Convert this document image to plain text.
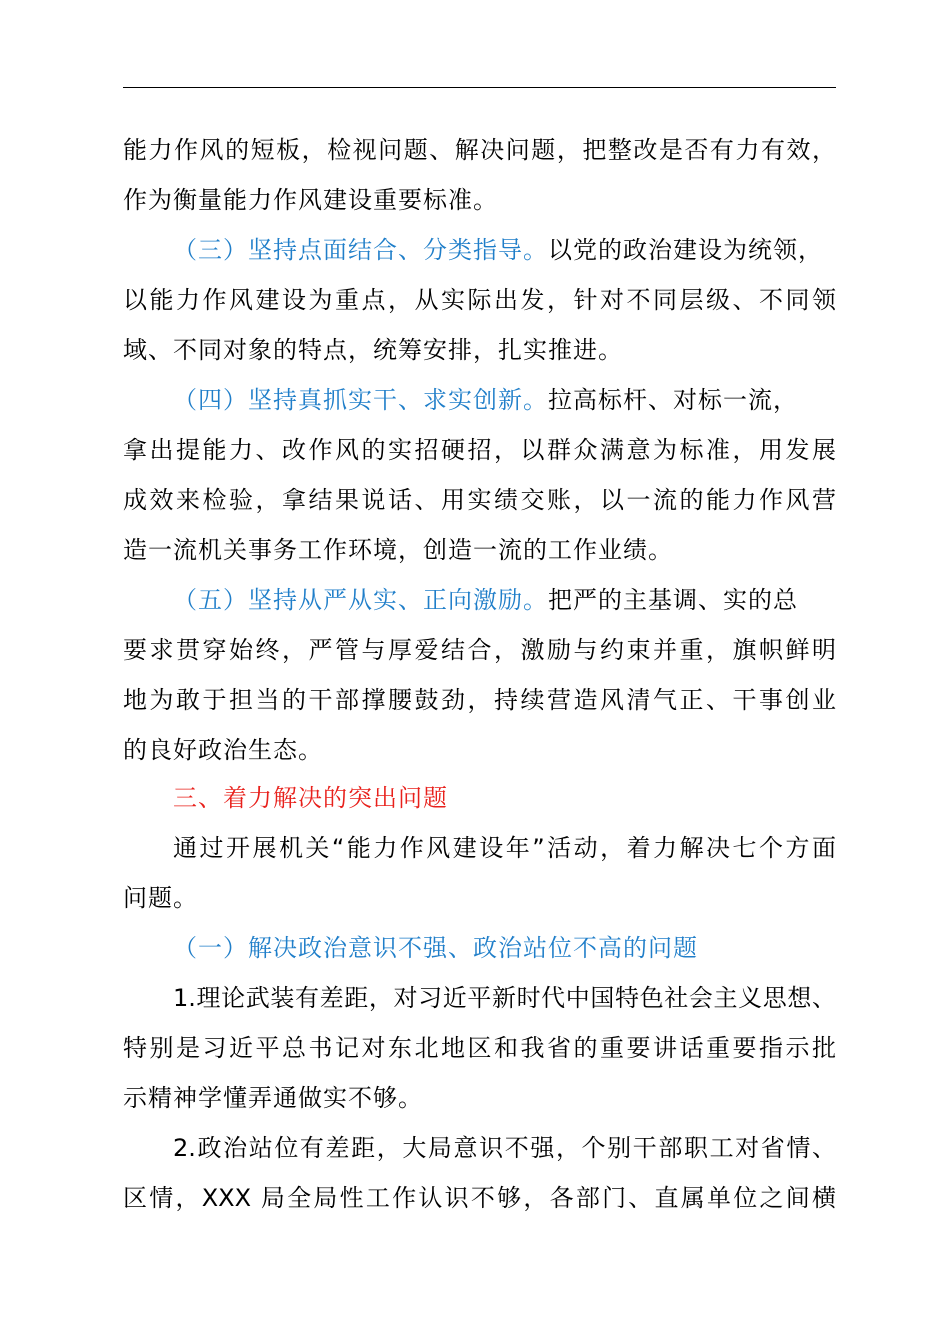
能力作风的短板，检视问题、解决问题，把整改是否有力有效，
作为衡量能力作风建设重要标准。
（三）坚持点面结合、分类指导。以党的政治建设为统领，
以能力作风建设为重点，从实际出发，针对不同层级、不同领
域、不同对象的特点，统筹安排，扎实推进。
（四）坚持真抓实干、求实创新。拉高标杆、对标一流，
拿出提能力、改作风的实招硬招，以群众满意为标准，用发展
成效来检验，拿结果说话、用实绩交账，以一流的能力作风营
造一流机关事务工作环境，创造一流的工作业绩。
（五）坚持从严从实、正向激励。把严的主基调、实的总
要求贯穿始终，严管与厚爱结合，激励与约束并重，旗帜鲜明
地为敢于担当的干部撑腰鼓劲，持续营造风清气正、干事创业
的良好政治生态。
三、着力解决的突出问题
通过开展机关“能力作风建设年”活动，着力解决七个方面
问题。
（一）解决政治意识不强、政治站位不高的问题
1.理论武装有差距，对习近平新时代中国特色社会主义思想、
特别是习近平总书记对东北地区和我省的重要讲话重要指示批
示精神学懂弄通做实不够。
2.政治站位有差距，大局意识不强，个别干部职工对省情、
区情，XXX 局全局性工作认识不够，各部门、直属单位之间横
